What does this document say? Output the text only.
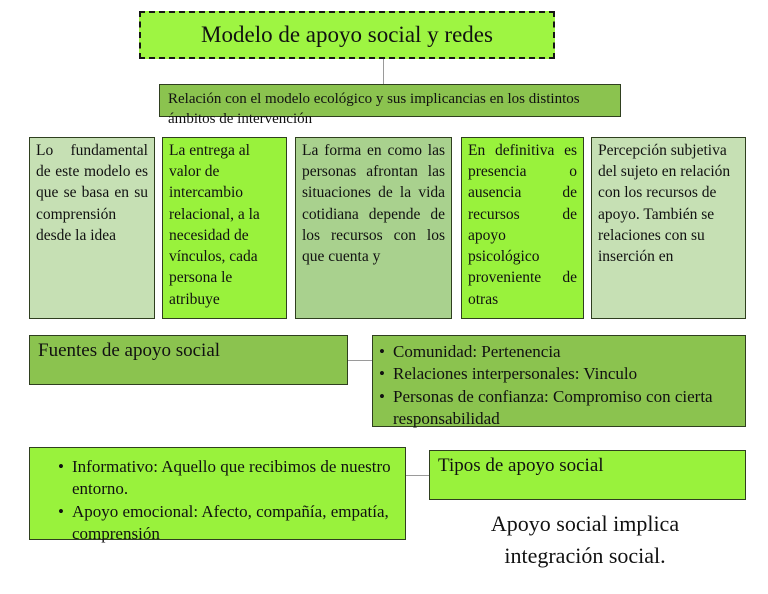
Modelo de apoyo social y redes
Relación con el modelo ecológico y sus implicancias en los distintos ámbitos de intervención
Lo fundamental de este modelo es que se basa en su comprensión desde la idea
La entrega al valor de intercambio relacional, a la necesidad de vínculos, cada persona le atribuye
La forma en como las personas afrontan las situaciones de la vida cotidiana depende de los recursos con los que cuenta y
En definitiva es presencia o ausencia de recursos de apoyo psicológico proveniente de otras
Percepción subjetiva del sujeto en relación con los recursos de apoyo. También se relaciones con su inserción en
Fuentes de apoyo social
•	Comunidad: Pertenencia
• Relaciones interpersonales: Vinculo
• Personas de confianza: Compromiso con cierta responsabilidad
• Informativo: Aquello que recibimos de nuestro entorno.
• Apoyo emocional: Afecto, compañía, empatía, comprensión
Tipos de apoyo social
Apoyo social implica integración social.
